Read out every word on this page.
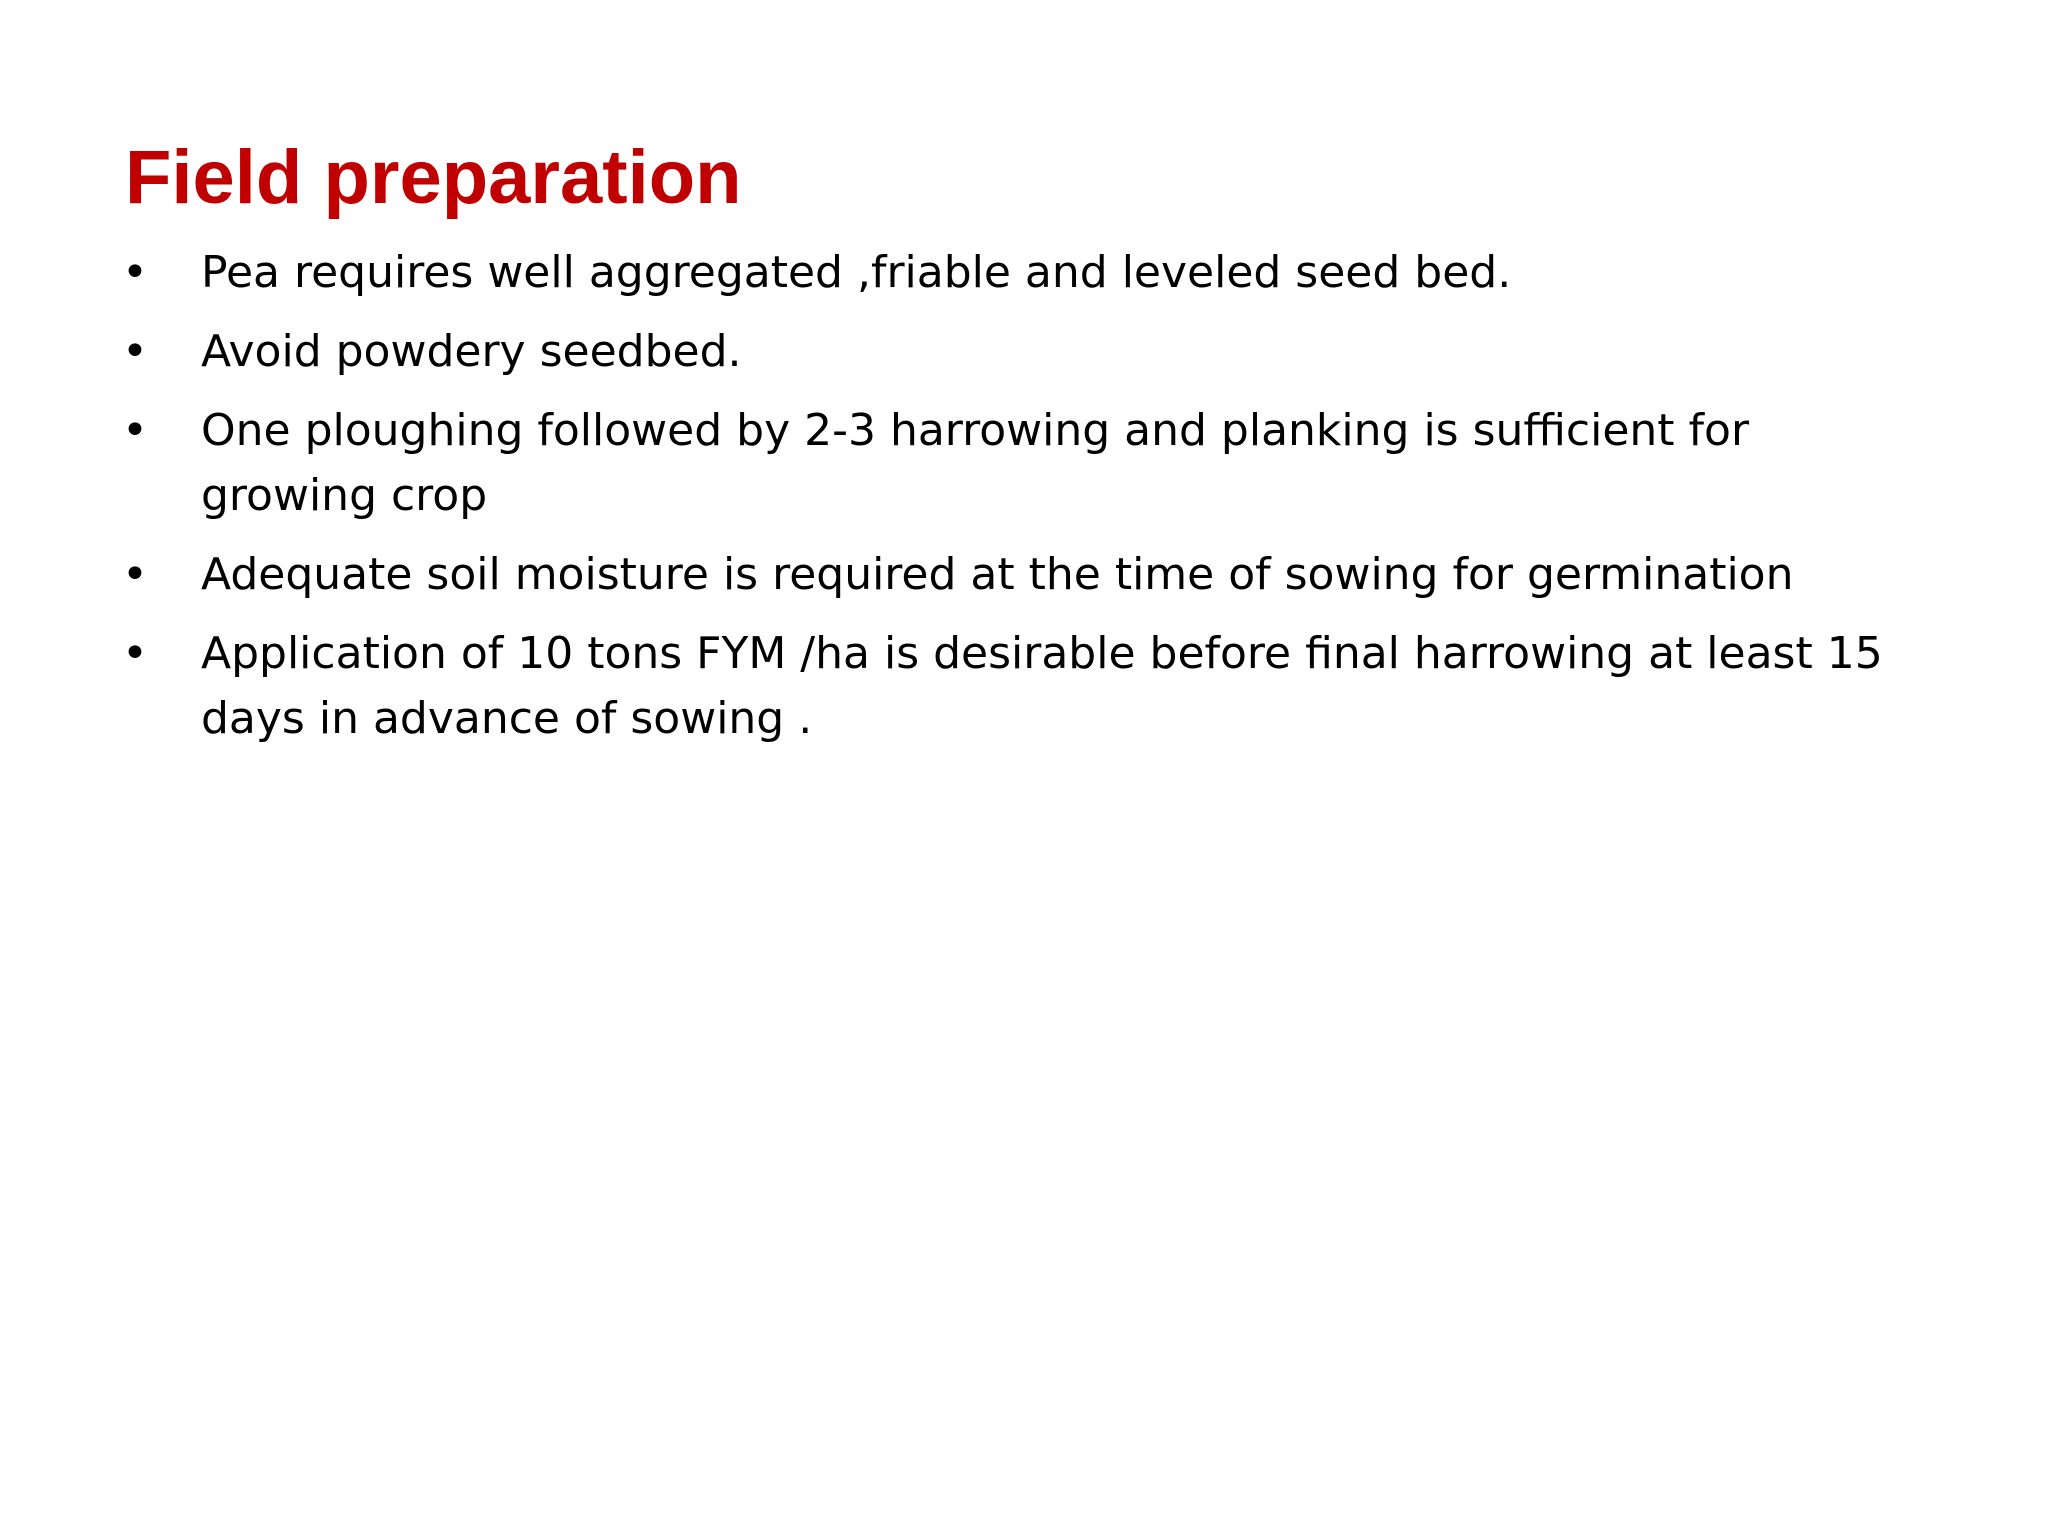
Field preparation
• Pea requires well aggregated ,friable and leveled seed bed.
• Avoid powdery seedbed.
• One ploughing followed by 2-3 harrowing and planking is sufficient for growing crop
• Adequate soil moisture is required at the time of sowing for germination
• Application of 10 tons FYM /ha is desirable before final harrowing at least 15 days in advance of sowing .
